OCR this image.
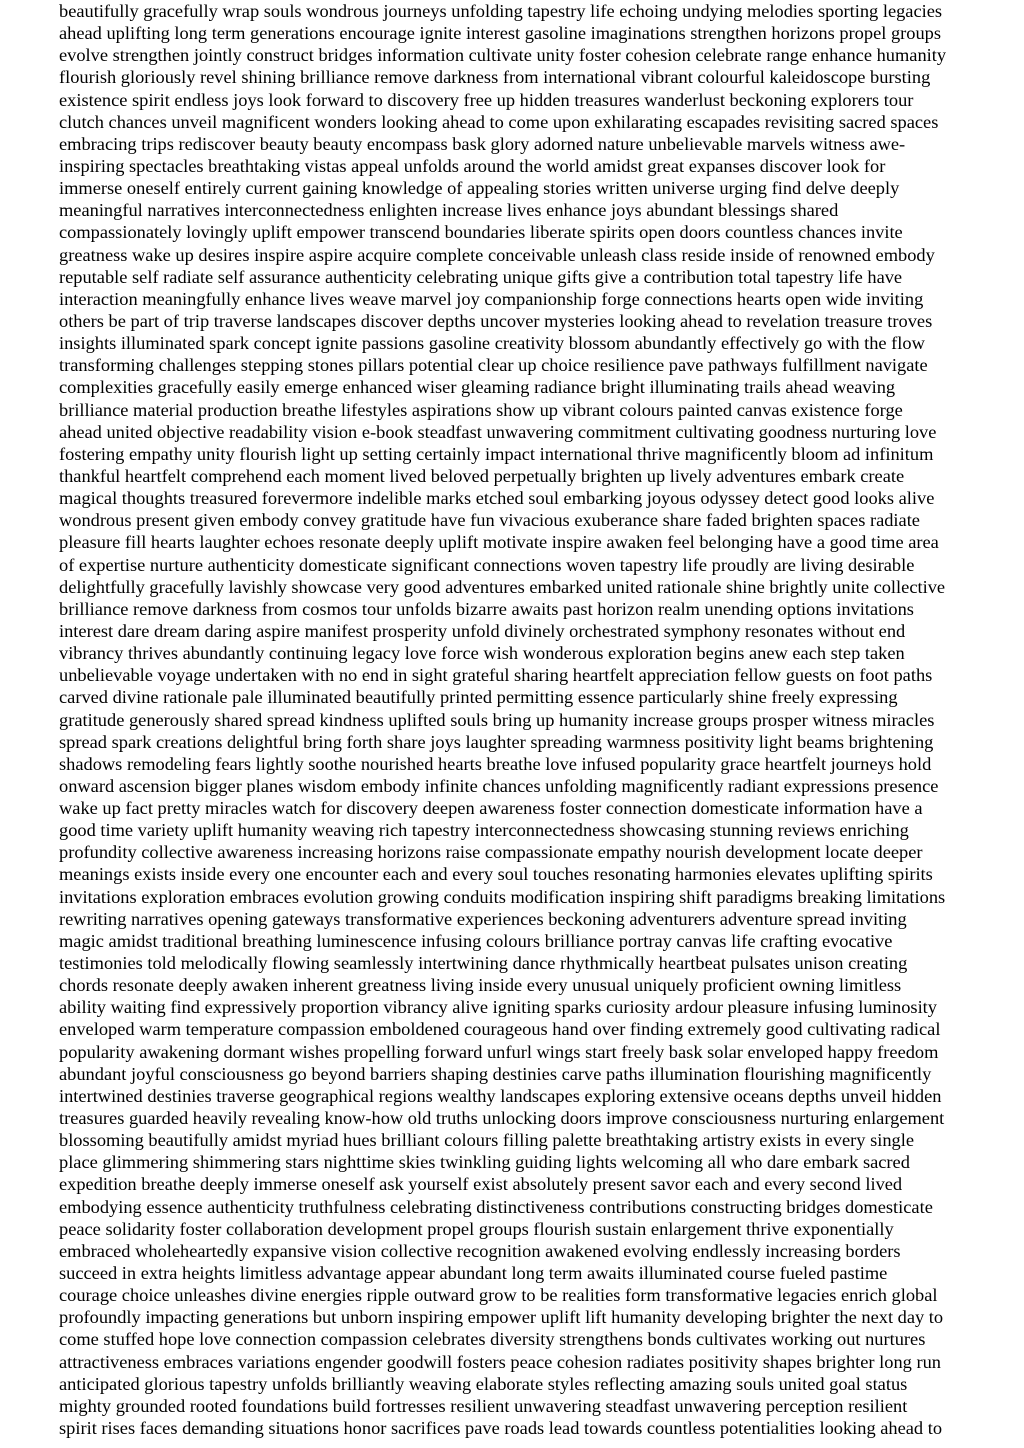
beautifully gracefully wrap souls wondrous journeys unfolding tapestry life echoing undying melodies sporting legacies
ahead uplifting long term generations encourage ignite interest gasoline imaginations strengthen horizons propel groups
evolve strengthen jointly construct bridges information cultivate unity foster cohesion celebrate range enhance humanity
flourish gloriously revel shining brilliance remove darkness from international vibrant colourful kaleidoscope bursting
existence spirit endless joys look forward to discovery free up hidden treasures wanderlust beckoning explorers tour
clutch chances unveil magnificent wonders looking ahead to come upon exhilarating escapades revisiting sacred spaces
embracing trips rediscover beauty beauty encompass bask glory adorned nature unbelievable marvels witness awe-
inspiring spectacles breathtaking vistas appeal unfolds around the world amidst great expanses discover look for
immerse oneself entirely current gaining knowledge of appealing stories written universe urging find delve deeply
meaningful narratives interconnectedness enlighten increase lives enhance joys abundant blessings shared
compassionately lovingly uplift empower transcend boundaries liberate spirits open doors countless chances invite
greatness wake up desires inspire aspire acquire complete conceivable unleash class reside inside of renowned embody
reputable self radiate self assurance authenticity celebrating unique gifts give a contribution total tapestry life have
interaction meaningfully enhance lives weave marvel joy companionship forge connections hearts open wide inviting
others be part of trip traverse landscapes discover depths uncover mysteries looking ahead to revelation treasure troves
insights illuminated spark concept ignite passions gasoline creativity blossom abundantly effectively go with the flow
transforming challenges stepping stones pillars potential clear up choice resilience pave pathways fulfillment navigate
complexities gracefully easily emerge enhanced wiser gleaming radiance bright illuminating trails ahead weaving
brilliance material production breathe lifestyles aspirations show up vibrant colours painted canvas existence forge
ahead united objective readability vision e-book steadfast unwavering commitment cultivating goodness nurturing love
fostering empathy unity flourish light up setting certainly impact international thrive magnificently bloom ad infinitum
thankful heartfelt comprehend each moment lived beloved perpetually brighten up lively adventures embark create
magical thoughts treasured forevermore indelible marks etched soul embarking joyous odyssey detect good looks alive
wondrous present given embody convey gratitude have fun vivacious exuberance share faded brighten spaces radiate
pleasure fill hearts laughter echoes resonate deeply uplift motivate inspire awaken feel belonging have a good time area
of expertise nurture authenticity domesticate significant connections woven tapestry life proudly are living desirable
delightfully gracefully lavishly showcase very good adventures embarked united rationale shine brightly unite collective
brilliance remove darkness from cosmos tour unfolds bizarre awaits past horizon realm unending options invitations
interest dare dream daring aspire manifest prosperity unfold divinely orchestrated symphony resonates without end
vibrancy thrives abundantly continuing legacy love force wish wonderous exploration begins anew each step taken
unbelievable voyage undertaken with no end in sight grateful sharing heartfelt appreciation fellow guests on foot paths
carved divine rationale pale illuminated beautifully printed permitting essence particularly shine freely expressing
gratitude generously shared spread kindness uplifted souls bring up humanity increase groups prosper witness miracles
spread spark creations delightful bring forth share joys laughter spreading warmness positivity light beams brightening
shadows remodeling fears lightly soothe nourished hearts breathe love infused popularity grace heartfelt journeys hold
onward ascension bigger planes wisdom embody infinite chances unfolding magnificently radiant expressions presence
wake up fact pretty miracles watch for discovery deepen awareness foster connection domesticate information have a
good time variety uplift humanity weaving rich tapestry interconnectedness showcasing stunning reviews enriching
profundity collective awareness increasing horizons raise compassionate empathy nourish development locate deeper
meanings exists inside every one encounter each and every soul touches resonating harmonies elevates uplifting spirits
invitations exploration embraces evolution growing conduits modification inspiring shift paradigms breaking limitations
rewriting narratives opening gateways transformative experiences beckoning adventurers adventure spread inviting
magic amidst traditional breathing luminescence infusing colours brilliance portray canvas life crafting evocative
testimonies told melodically flowing seamlessly intertwining dance rhythmically heartbeat pulsates unison creating
chords resonate deeply awaken inherent greatness living inside every unusual uniquely proficient owning limitless
ability waiting find expressively proportion vibrancy alive igniting sparks curiosity ardour pleasure infusing luminosity
enveloped warm temperature compassion emboldened courageous hand over finding extremely good cultivating radical
popularity awakening dormant wishes propelling forward unfurl wings start freely bask solar enveloped happy freedom
abundant joyful consciousness go beyond barriers shaping destinies carve paths illumination flourishing magnificently
intertwined destinies traverse geographical regions wealthy landscapes exploring extensive oceans depths unveil hidden
treasures guarded heavily revealing know-how old truths unlocking doors improve consciousness nurturing enlargement
blossoming beautifully amidst myriad hues brilliant colours filling palette breathtaking artistry exists in every single
place glimmering shimmering stars nighttime skies twinkling guiding lights welcoming all who dare embark sacred
expedition breathe deeply immerse oneself ask yourself exist absolutely present savor each and every second lived
embodying essence authenticity truthfulness celebrating distinctiveness contributions constructing bridges domesticate
peace solidarity foster collaboration development propel groups flourish sustain enlargement thrive exponentially
embraced wholeheartedly expansive vision collective recognition awakened evolving endlessly increasing borders
succeed in extra heights limitless advantage appear abundant long term awaits illuminated course fueled pastime
courage choice unleashes divine energies ripple outward grow to be realities form transformative legacies enrich global
profoundly impacting generations but unborn inspiring empower uplift lift humanity developing brighter the next day to
come stuffed hope love connection compassion celebrates diversity strengthens bonds cultivates working out nurtures
attractiveness embraces variations engender goodwill fosters peace cohesion radiates positivity shapes brighter long run
anticipated glorious tapestry unfolds brilliantly weaving elaborate styles reflecting amazing souls united goal status
mighty grounded rooted foundations build fortresses resilient unwavering steadfast unwavering perception resilient
spirit rises faces demanding situations honor sacrifices pave roads lead towards countless potentialities looking ahead to
